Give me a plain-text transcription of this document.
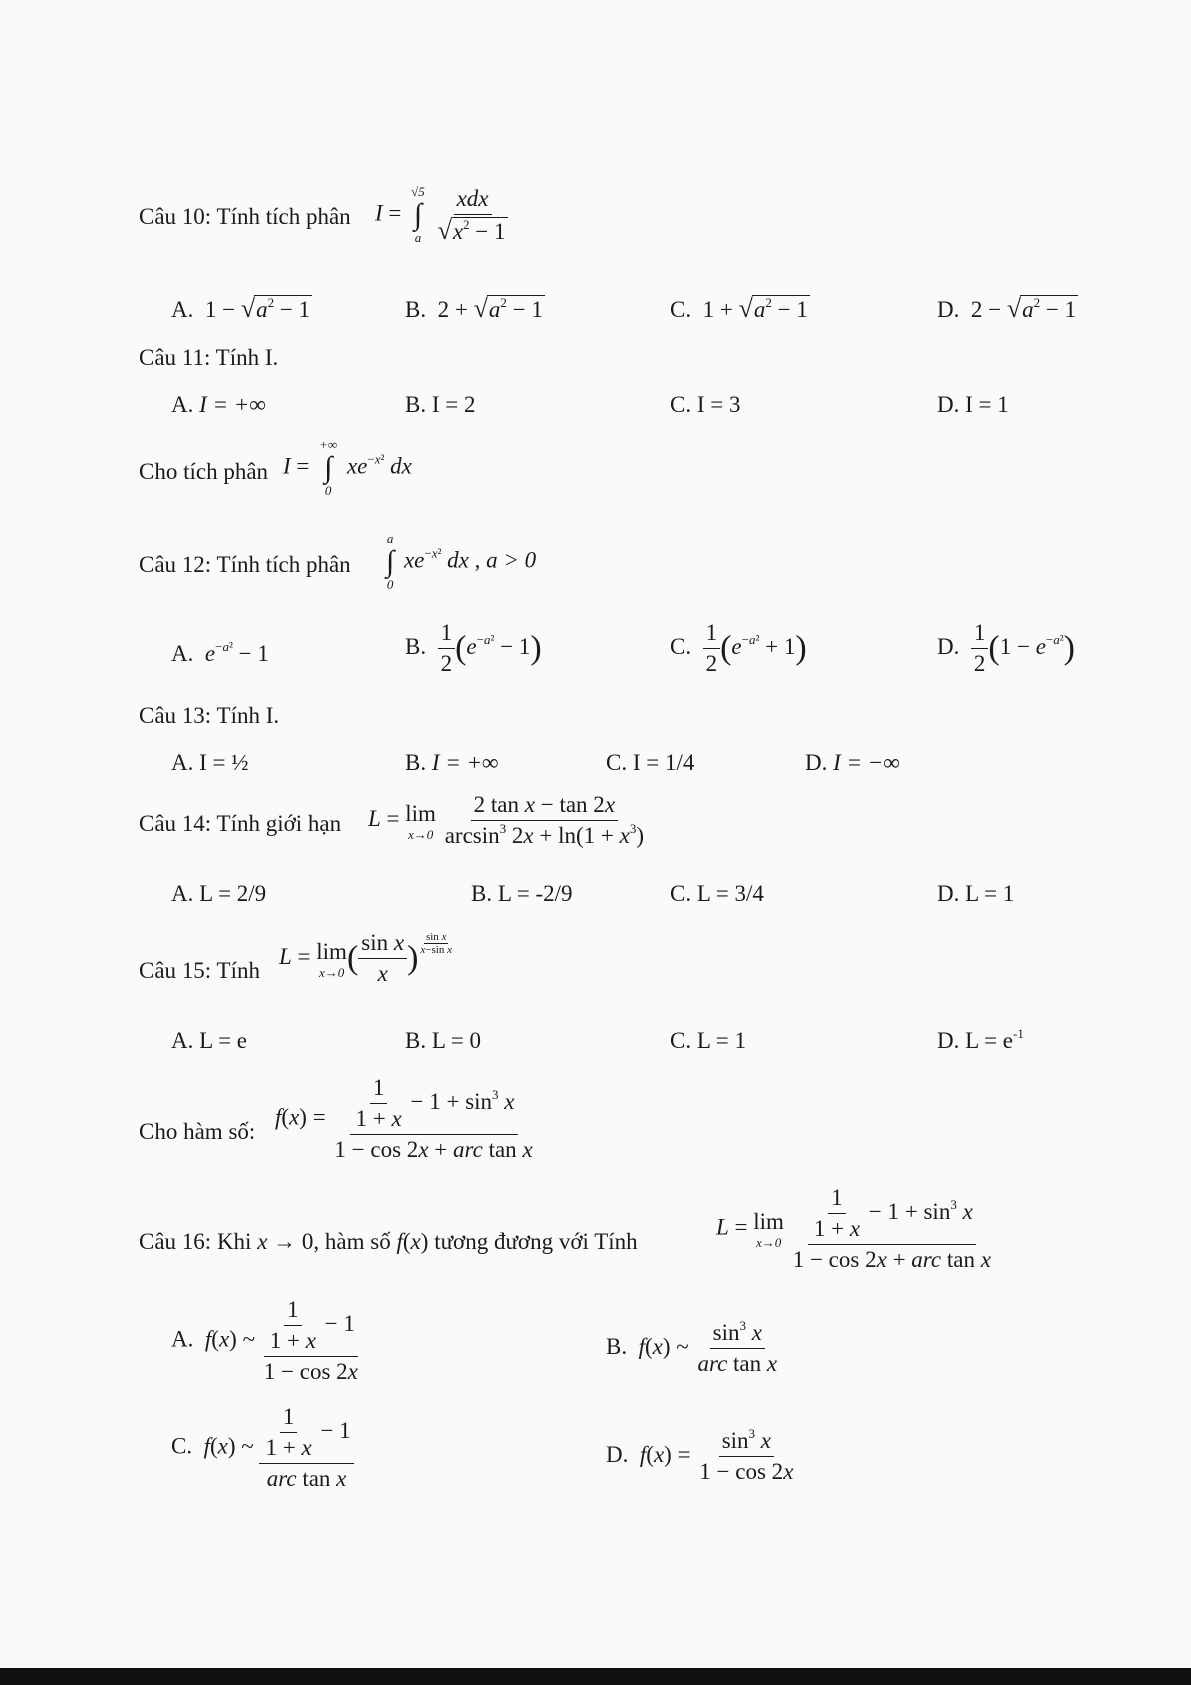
Câu 10: Tính tích phân I =
√5
∫
a
$\frac{\text{xdx}}{√ x^2 - 1}$
A.  1 − √ $a^2 - 1$	B.  2 + √ $a^2 - 1$	C.  1 + √ $a^2 - 1$	D.  2 − √ $a^2 - 1$
Câu 11: Tính I.
A. I = +∞	B. I = 2	C. I = 3	D. I = 1
Cho tích phân I =
+∞
∫
0
$xe^{-x^2}$ dx
Câu 12: Tính tích phân
a
∫
0
$xe^{-x^2}$ dx , a > 0
A. $e^{-a^2} - 1$	B. $\frac{1}{2} (e^{-a^2} - 1)$	C. $\frac{1}{2} (e^{-a^2} + 1)$	D. $\frac{1}{2} (1 - e^{-a^2})$
Câu 13: Tính I.
A. I = ½	B. I = +∞	C. I = 1/4	D. I = −∞
Câu 14: Tính giới hạn L = lim
x→0
$\frac{\text{2 tan x − tan 2x}}{\arcsin^3 2x + \ln(1 + x^3)}$
A. L = 2/9	B. L = -2/9	C. L = 3/4	D. L = 1
Câu 15: Tính
L = lim
x→0 ( $\frac{\text{sin x}}{x}$ ) $\frac{\text{sin x}}{\text{x−sin x}}$
A. L = e	B. L = 0	C. L = 1	D. $L = e^{-1}$
Cho hàm số:
$f(x) = \frac{\frac{1}{1 + x} - 1 + \sin^3 x}{\text{1 − cos 2x + arc tan x}}$
Câu 16: Khi x → 0, hàm số f(x) tương đương với Tính
L = lim
x→0
$\frac{\frac{1}{1 + x} - 1 + \sin^3 x}{\text{1 − cos 2x + arc tan x}}$
A. f(x) ~ $\frac{\frac{1}{1 + x} - 1}{1 - \cos 2x}$	B. f(x) ~ $\frac{\sin^3 x}{\text{arc tan x}}$
C. f(x) ~ $\frac{\frac{1}{1 + x} - 1}{\text{arc tan x}}$	D. $f(x) = \frac{\sin^3 x}{1 - \cos 2x}$
